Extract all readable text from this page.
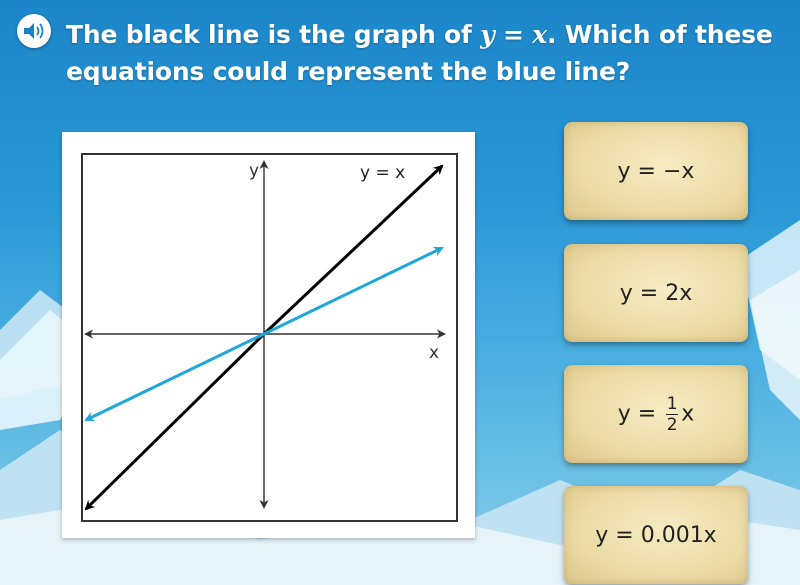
The black line is the graph of y = x. Which of these equations could represent the blue line?
y
x
y = x	y = −x
y = 2x
$y = \frac{1}{2}$ x
y = 0.001x
